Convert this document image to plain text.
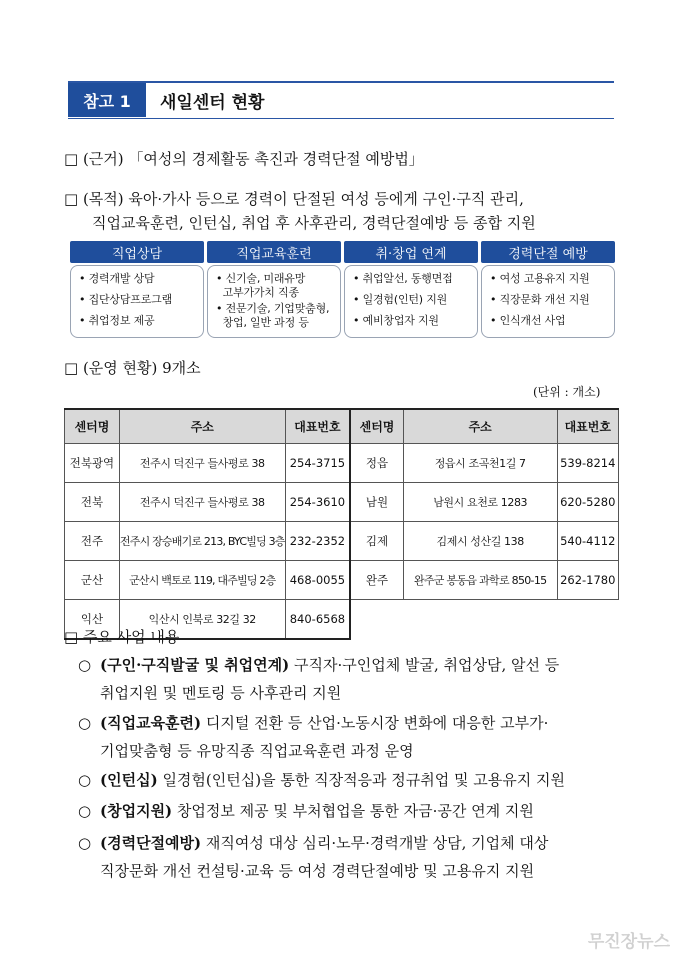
참고 1	새일센터 현황
□ (근거) 「여성의 경제활동 촉진과 경력단절 예방법」
□ (목적) 육아·가사 등으로 경력이 단절된 여성 등에게 구인·구직 관리,
직업교육훈련, 인턴십, 취업 후 사후관리, 경력단절예방 등 종합 지원
직업상담	직업교육훈련	취·창업 연계	경력단절 예방
• 경력개발 상담
• 집단상담프로그램
• 취업정보 제공
• 신기술, 미래유망
고부가가치 직종
• 전문기술, 기업맞춤형,
창업, 일반 과정 등
• 취업알선, 동행면접
• 일경험(인턴) 지원
• 예비창업자 지원
• 여성 고용유지 지원
• 직장문화 개선 지원
• 인식개선 사업
□ (운영 현황) 9개소
(단위 : 개소)
센터명	주소	대표번호	센터명	주소	대표번호
전북광역	전주시 덕진구 들사평로 38	254-3715	정읍	정읍시 조곡천1길 7	539-8214
전북	전주시 덕진구 들사평로 38	254-3610	남원	남원시 요천로 1283	620-5280
전주	전주시 장승배기로 213, BYC빌딩 3층	232-2352	김제	김제시 성산길 138	540-4112
군산	군산시 백토로 119, 대주빌딩 2층	468-0055	완주	완주군 봉동읍 과학로 850-15	262-1780
익산	익산시 인북로 32길 32	840-6568			
□ 주요 사업 내용
○ (구인·구직발굴 및 취업연계) 구직자·구인업체 발굴, 취업상담, 알선 등
취업지원 및 멘토링 등 사후관리 지원
○ (직업교육훈련) 디지털 전환 등 산업·노동시장 변화에 대응한 고부가·
기업맞춤형 등 유망직종 직업교육훈련 과정 운영
○ (인턴십) 일경험(인턴십)을 통한 직장적응과 정규취업 및 고용유지 지원
○ (창업지원) 창업정보 제공 및 부처협업을 통한 자금·공간 연계 지원
○ (경력단절예방) 재직여성 대상 심리·노무·경력개발 상담, 기업체 대상
직장문화 개선 컨설팅·교육 등 여성 경력단절예방 및 고용유지 지원
무진장뉴스
